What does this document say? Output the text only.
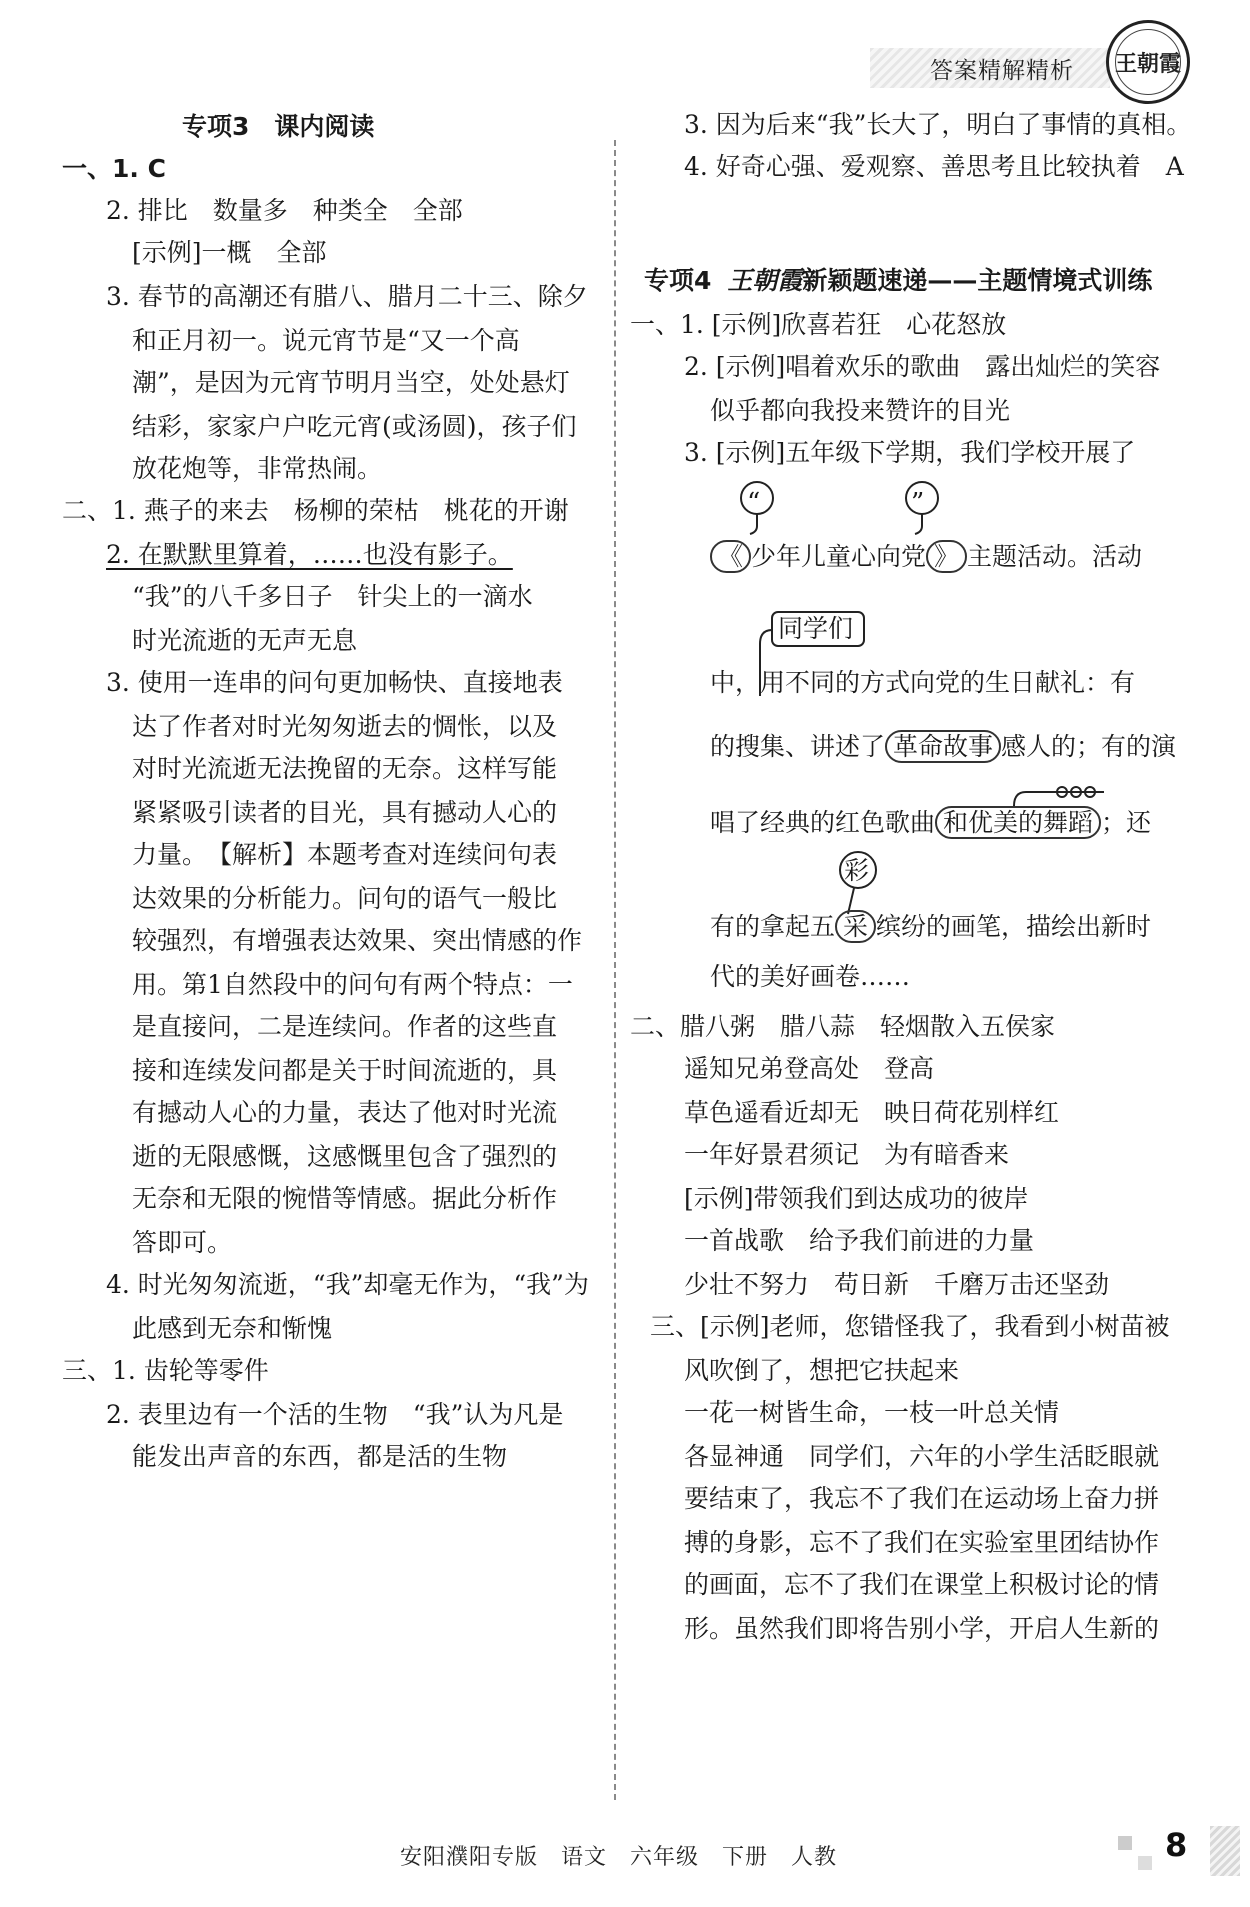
答案精解精析 王朝霞
专项3　课内阅读
一、1. C
2. 排比　数量多　种类全　全部
[示例]一概　全部
3. 春节的高潮还有腊八、腊月二十三、除夕
和正月初一。说元宵节是“又一个高
潮”，是因为元宵节明月当空，处处悬灯
结彩，家家户户吃元宵(或汤圆)，孩子们
放花炮等，非常热闹。
二、1. 燕子的来去　杨柳的荣枯　桃花的开谢
2. 在默默里算着，……也没有影子。
“我”的八千多日子　针尖上的一滴水
时光流逝的无声无息
3. 使用一连串的问句更加畅快、直接地表
达了作者对时光匆匆逝去的惆怅，以及
对时光流逝无法挽留的无奈。这样写能
紧紧吸引读者的目光，具有撼动人心的
力量。　【解析】本题考查对连续问句表
达效果的分析能力。问句的语气一般比
较强烈，有增强表达效果、突出情感的作
用。第1自然段中的问句有两个特点：一
是直接问，二是连续问。作者的这些直
接和连续发问都是关于时间流逝的，具
有撼动人心的力量，表达了他对时光流
逝的无限感慨，这感慨里包含了强烈的
无奈和无限的惋惜等情感。据此分析作
答即可。
4. 时光匆匆流逝，“我”却毫无作为，“我”为
此感到无奈和惭愧
三、1. 齿轮等零件
2. 表里边有一个活的生物　“我”认为凡是
能发出声音的东西，都是活的生物
3. 因为后来“我”长大了，明白了事情的真相。
4. 好奇心强、爱观察、善思考且比较执着　A
专项4 王朝霞新颖题速递——主题情境式训练
一、1. [示例]欣喜若狂　心花怒放
2. [示例]唱着欢乐的歌曲　露出灿烂的笑容
似乎都向我投来赞许的目光
3. [示例]五年级下学期，我们学校开展了
“	”
《 少年儿童心向党 》 主题活动。活动
同学们
中，用不同的方式向党的生日献礼：有
的搜集、讲述了 革命故事 感人的；有的演
唱了经典的红色歌曲 和优美的舞蹈 ；还
彩
有的拿起五 采 缤纷的画笔，描绘出新时
代的美好画卷……
二、腊八粥　腊八蒜　轻烟散入五侯家
遥知兄弟登高处　登高
草色遥看近却无　映日荷花别样红
一年好景君须记　为有暗香来
[示例]带领我们到达成功的彼岸
一首战歌　给予我们前进的力量
少壮不努力　苟日新　千磨万击还坚劲
三、[示例]老师，您错怪我了，我看到小树苗被
风吹倒了，想把它扶起来
一花一树皆生命，一枝一叶总关情
各显神通　同学们，六年的小学生活眨眼就
要结束了，我忘不了我们在运动场上奋力拼
搏的身影，忘不了我们在实验室里团结协作
的画面，忘不了我们在课堂上积极讨论的情
形。虽然我们即将告别小学，开启人生新的
安阳濮阳专版　语文　六年级　下册　人教	8
